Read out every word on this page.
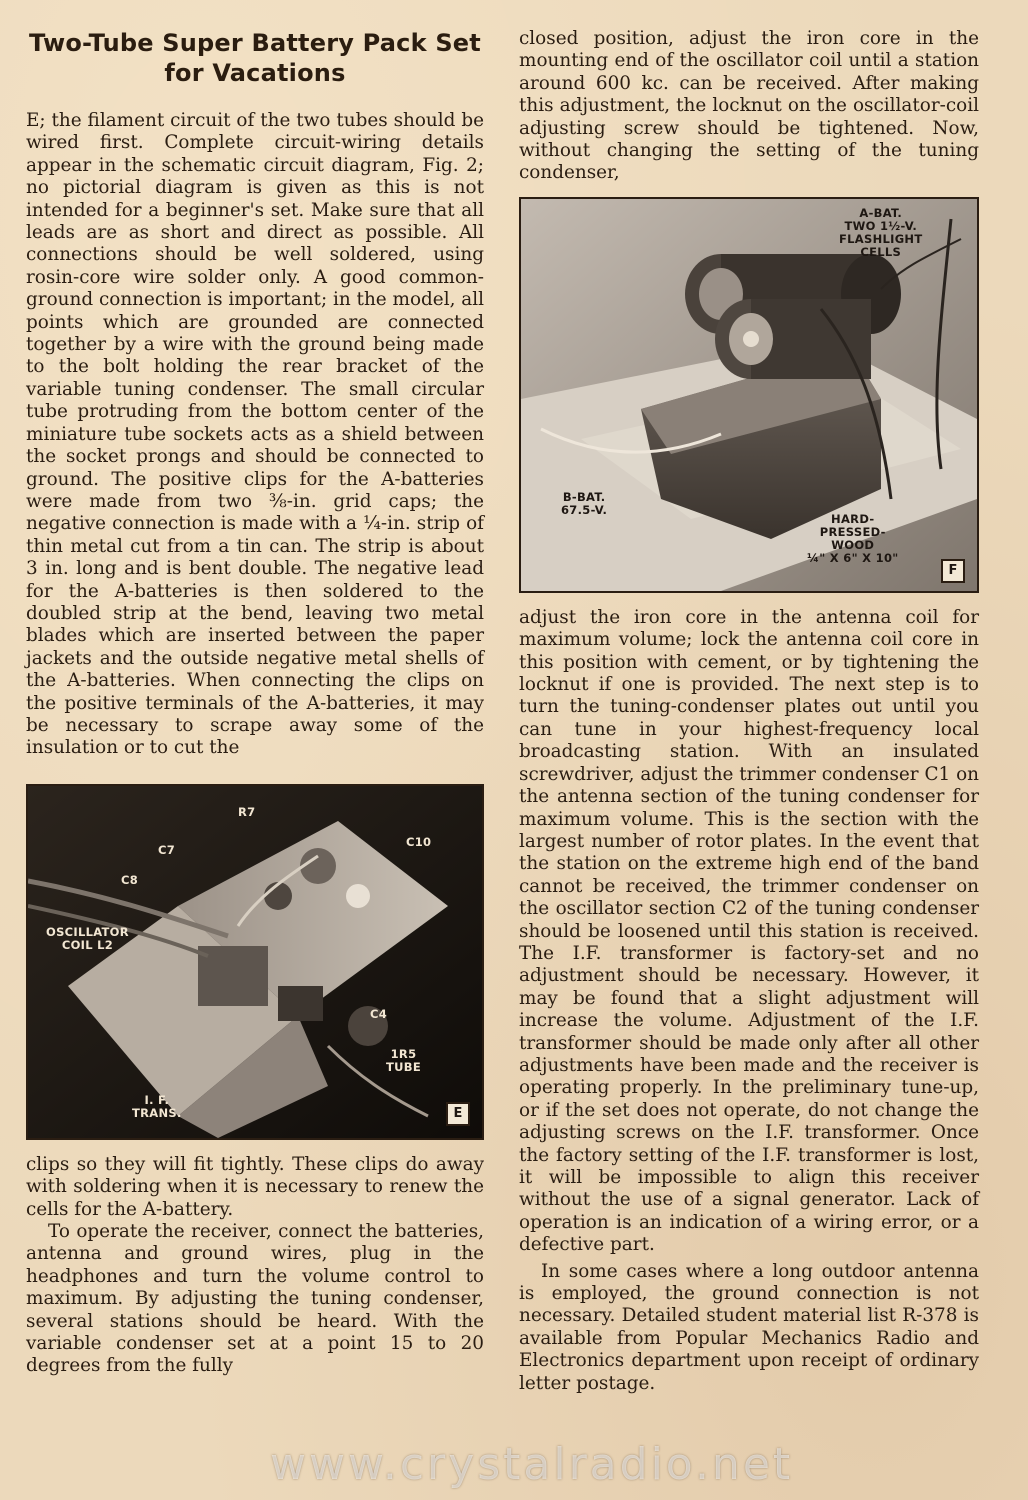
Two-Tube Super Battery Pack Set
for Vacations

E; the filament circuit of the two tubes should be wired first. Complete circuit-wiring details appear in the schematic circuit diagram, Fig. 2; no pictorial diagram is given as this is not intended for a beginner's set. Make sure that all leads are as short and direct as possible. All connections should be well soldered, using rosin-core wire solder only. A good common-ground connection is important; in the model, all points which are grounded are connected together by a wire with the ground being made to the bolt holding the rear bracket of the variable tuning condenser. The small circular tube protruding from the bottom center of the miniature tube sockets acts as a shield between the socket prongs and should be connected to ground. The positive clips for the A-batteries were made from two ⅜-in. grid caps; the negative connection is made with a ¼-in. strip of thin metal cut from a tin can. The strip is about 3 in. long and is bent double. The negative lead for the A-batteries is then soldered to the doubled strip at the bend, leaving two metal blades which are inserted between the paper jackets and the outside negative metal shells of the A-batteries. When connecting the clips on the positive terminals of the A-batteries, it may be necessary to scrape away some of the insulation or to cut the

R7
C7
C10
C8
OSCILLATOR
COIL L2
C4
1R5
TUBE
I. F.
TRANS.	E

clips so they will fit tightly. These clips do away with soldering when it is necessary to renew the cells for the A-battery.

To operate the receiver, connect the batteries, antenna and ground wires, plug in the headphones and turn the volume control to maximum. By adjusting the tuning condenser, several stations should be heard. With the variable condenser set at a point 15 to 20 degrees from the fully

closed position, adjust the iron core in the mounting end of the oscillator coil until a station around 600 kc. can be received. After making this adjustment, the locknut on the oscillator-coil adjusting screw should be tightened. Now, without changing the setting of the tuning condenser,

A-BAT.
TWO 1½-V.
FLASHLIGHT
CELLS
B-BAT.
67.5-V.
HARD-
PRESSED-
WOOD
¼" X 6" X 10"
F

adjust the iron core in the antenna coil for maximum volume; lock the antenna coil core in this position with cement, or by tightening the locknut if one is provided. The next step is to turn the tuning-condenser plates out until you can tune in your highest-frequency local broadcasting station. With an insulated screwdriver, adjust the trimmer condenser C1 on the antenna section of the tuning condenser for maximum volume. This is the section with the largest number of rotor plates. In the event that the station on the extreme high end of the band cannot be received, the trimmer condenser on the oscillator section C2 of the tuning condenser should be loosened until this station is received. The I.F. transformer is factory-set and no adjustment should be necessary. However, it may be found that a slight adjustment will increase the volume. Adjustment of the I.F. transformer should be made only after all other adjustments have been made and the receiver is operating properly. In the preliminary tune-up, or if the set does not operate, do not change the adjusting screws on the I.F. transformer. Once the factory setting of the I.F. transformer is lost, it will be impossible to align this receiver without the use of a signal generator. Lack of operation is an indication of a wiring error, or a defective part.

In some cases where a long outdoor antenna is employed, the ground connection is not necessary. Detailed student material list R-378 is available from Popular Mechanics Radio and Electronics department upon receipt of ordinary letter postage.

www.crystalradio.net
